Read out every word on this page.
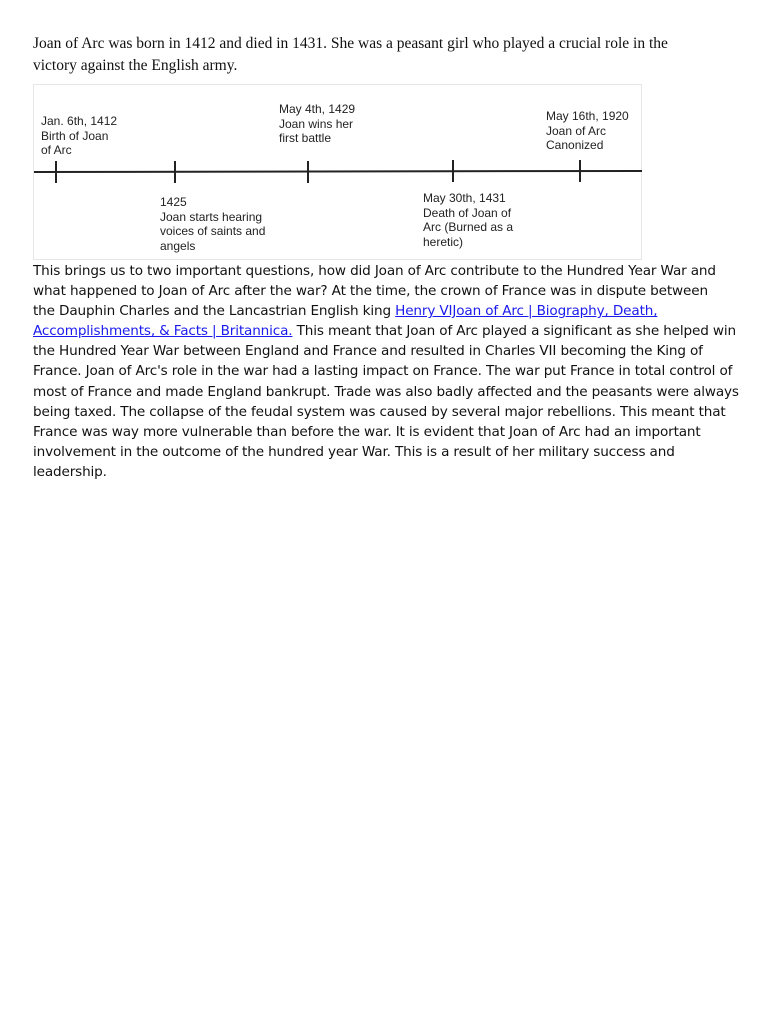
Joan of Arc was born in 1412 and died in 1431. She was a peasant girl who played a crucial role in the
victory against the English army.
Jan. 6th, 1412
Birth of Joan
of Arc
1425
Joan starts hearing
voices of saints and
angels
May 4th, 1429
Joan wins her
first battle
May 30th, 1431
Death of Joan of
Arc (Burned as a
heretic)
May 16th, 1920
Joan of Arc
Canonized
This brings us to two important questions, how did Joan of Arc contribute to the Hundred Year War and
what happened to Joan of Arc after the war? At the time, the crown of France was in dispute between
the Dauphin Charles and the Lancastrian English king Henry VIJoan of Arc | Biography, Death,
Accomplishments, & Facts | Britannica. This meant that Joan of Arc played a significant as she helped win
the Hundred Year War between England and France and resulted in Charles VII becoming the King of
France. Joan of Arc's role in the war had a lasting impact on France. The war put France in total control of
most of France and made England bankrupt. Trade was also badly affected and the peasants were always
being taxed. The collapse of the feudal system was caused by several major rebellions. This meant that
France was way more vulnerable than before the war. It is evident that Joan of Arc had an important
involvement in the outcome of the hundred year War. This is a result of her military success and
leadership.
